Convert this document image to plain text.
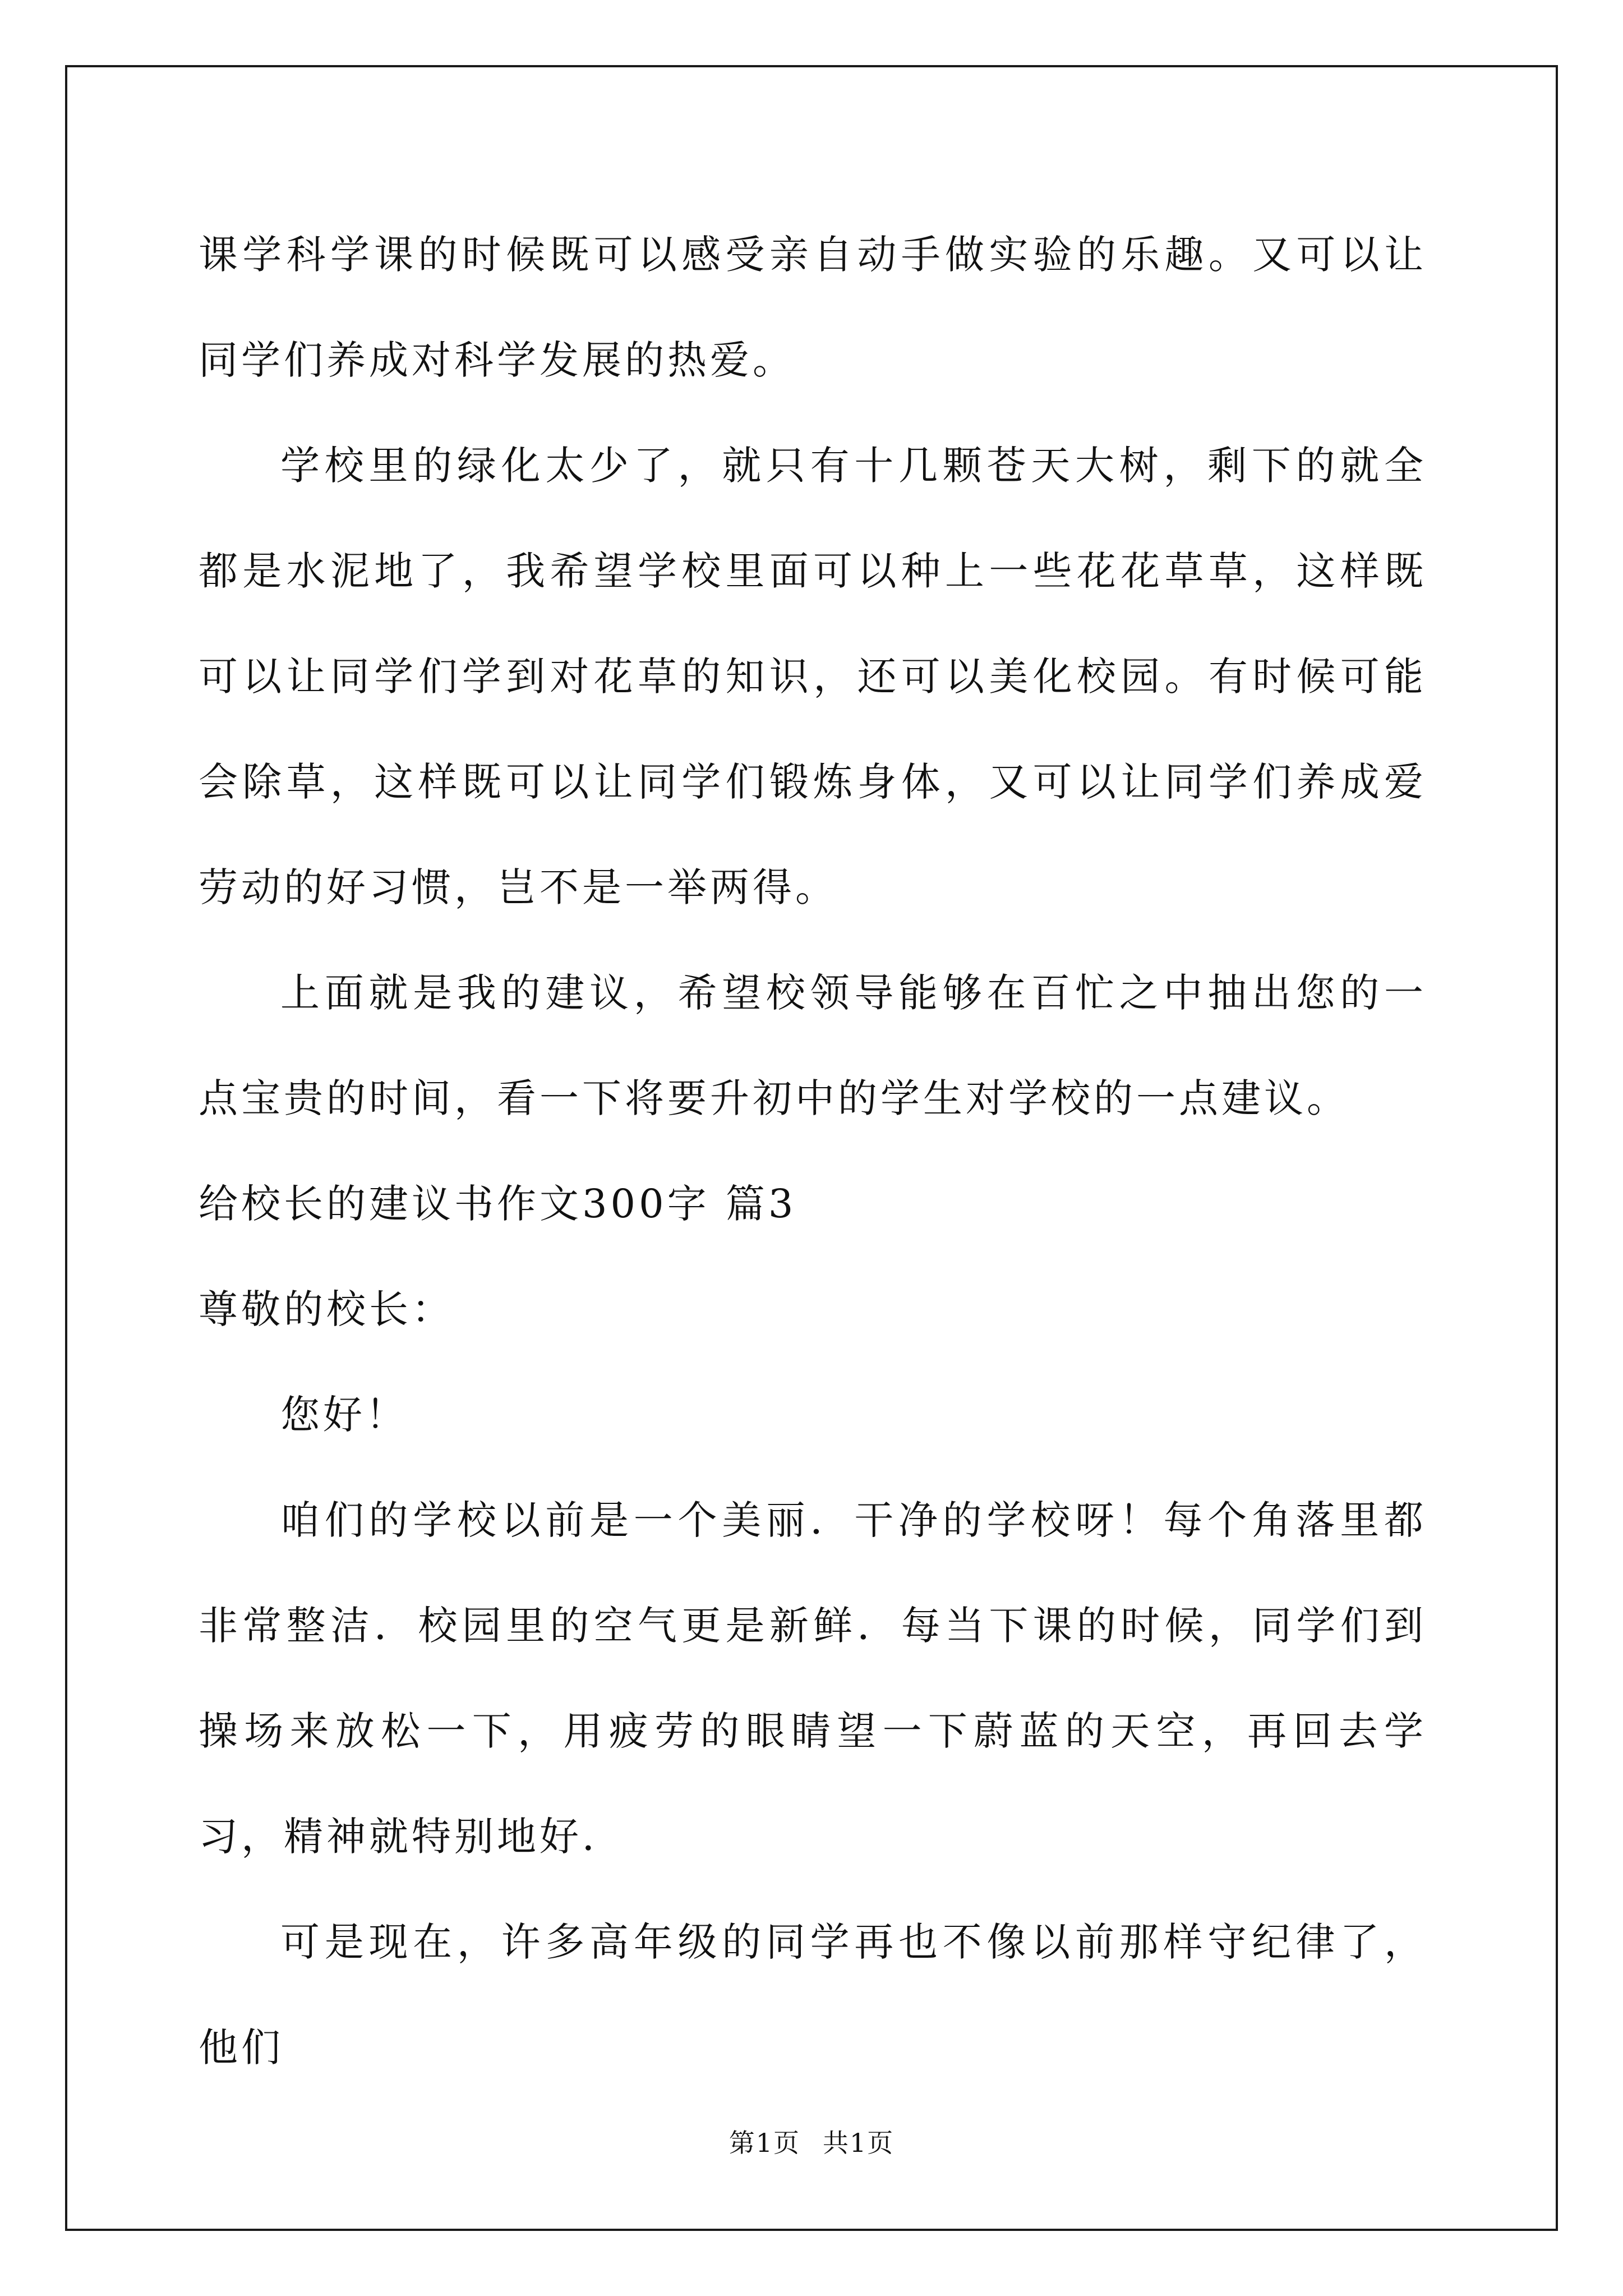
课学科学课的时候既可以感受亲自动手做实验的乐趣。又可以让同学们养成对科学发展的热爱。

学校里的绿化太少了，就只有十几颗苍天大树，剩下的就全都是水泥地了，我希望学校里面可以种上一些花花草草，这样既可以让同学们学到对花草的知识，还可以美化校园。有时候可能会除草，这样既可以让同学们锻炼身体，又可以让同学们养成爱劳动的好习惯，岂不是一举两得。

上面就是我的建议，希望校领导能够在百忙之中抽出您的一点宝贵的时间，看一下将要升初中的学生对学校的一点建议。

给校长的建议书作文300字 篇3

尊敬的校长：

您好！

咱们的学校以前是一个美丽．干净的学校呀！每个角落里都非常整洁．校园里的空气更是新鲜．每当下课的时候，同学们到操场来放松一下，用疲劳的眼睛望一下蔚蓝的天空，再回去学习，精神就特别地好．

可是现在，许多高年级的同学再也不像以前那样守纪律了，他们

第1页 共1页
